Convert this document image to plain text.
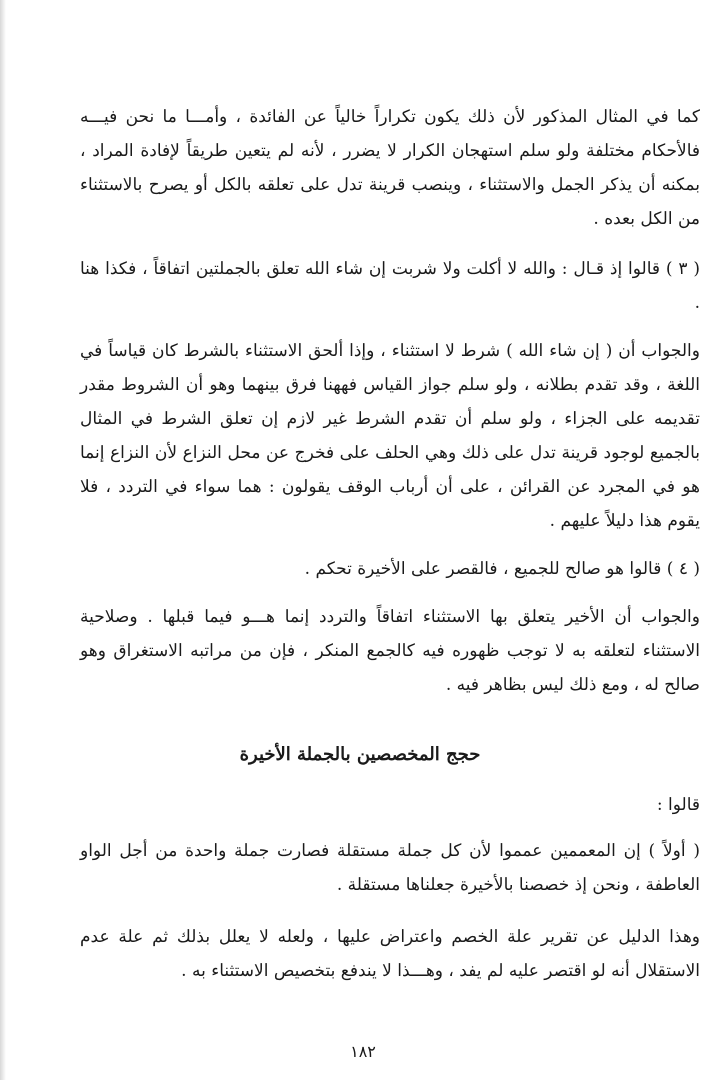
كما في المثال المذكور لأن ذلك يكون تكراراً خالياً عن الفائدة ، وأمـــا ما نحن فيـــه فالأحكام مختلفة ولو سلم استهجان الكرار لا يضرر ، لأنه لم يتعين طريقاً لإفادة المراد ، بمكنه أن يذكر الجمل والاستثناء ، وينصب قرينة تدل على تعلقه بالكل أو يصرح بالاستثناء من الكل بعده .

( ٣ ) قالوا إذ قـال : والله لا أكلت ولا شربت إن شاء الله تعلق بالجملتين اتفاقاً ، فكذا هنا .

والجواب أن ( إن شاء الله ) شرط لا استثناء ، وإذا ألحق الاستثناء بالشرط كان قياساً في اللغة ، وقد تقدم بطلانه ، ولو سلم جواز القياس فههنا فرق بينهما وهو أن الشروط مقدر تقديمه على الجزاء ، ولو سلم أن تقدم الشرط غير لازم إن تعلق الشرط في المثال بالجميع لوجود قرينة تدل على ذلك وهي الحلف على فخرج عن محل النزاع لأن النزاع إنما هو في المجرد عن القرائن ، على أن أرباب الوقف يقولون : هما سواء في التردد ، فلا يقوم هذا دليلاً عليهم .

( ٤ ) قالوا هو صالح للجميع ، فالقصر على الأخيرة تحكم .

والجواب أن الأخير يتعلق بها الاستثناء اتفاقاً والتردد إنما هـــو فيما قبلها . وصلاحية الاستثناء لتعلقه به لا توجب ظهوره فيه كالجمع المنكر ، فإن من مراتبه الاستغراق وهو صالح له ، ومع ذلك ليس بظاهر فيه .

حجج المخصصين بالجملة الأخيرة

قالوا :

( أولاً ) إن المعممين عمموا لأن كل جملة مستقلة فصارت جملة واحدة من أجل الواو العاطفة ، ونحن إذ خصصنا بالأخيرة جعلناها مستقلة .

وهذا الدليل عن تقرير علة الخصم واعتراض عليها ، ولعله لا يعلل بذلك ثم علة عدم الاستقلال أنه لو اقتصر عليه لم يفد ، وهـــذا لا يندفع بتخصيص الاستثناء به .

١٨٢
